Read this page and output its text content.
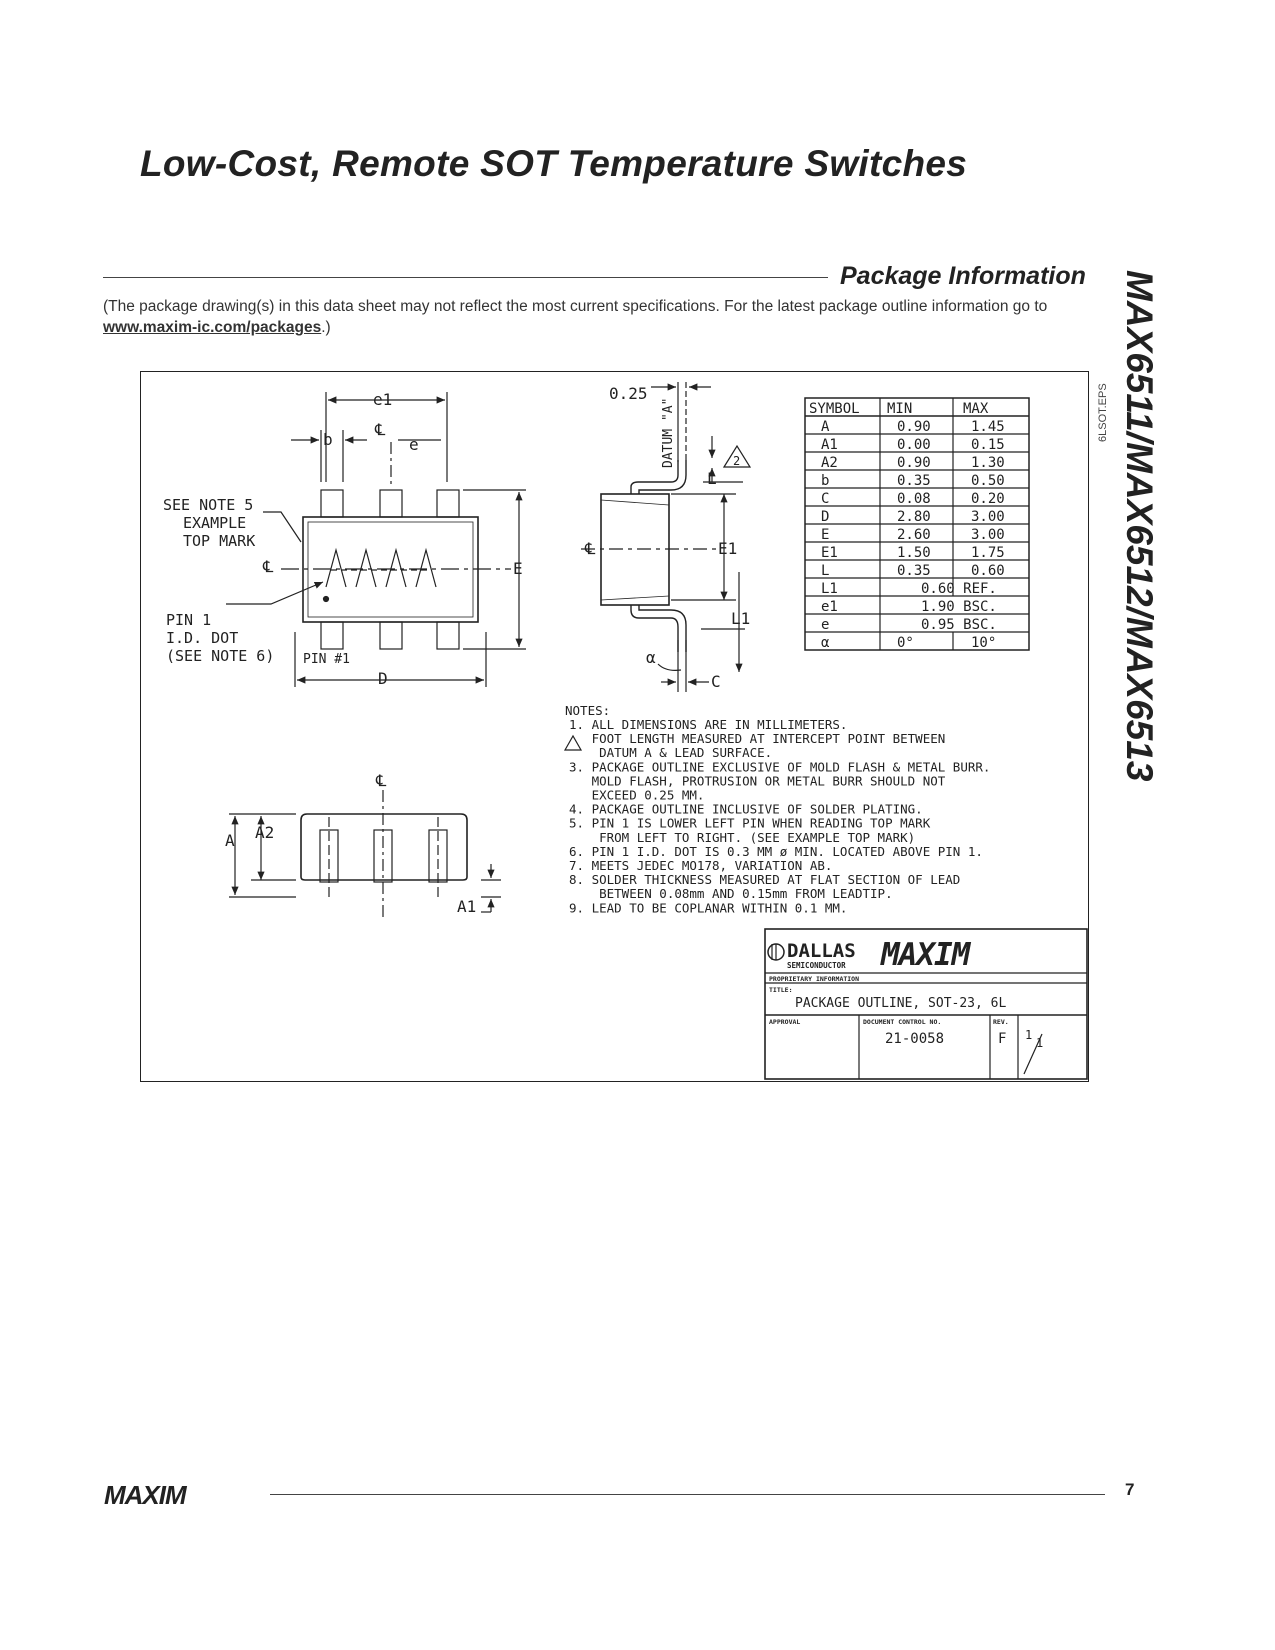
Low-Cost, Remote SOT Temperature Switches
Package Information MAX6511/MAX6512/MAX6513
(The package drawing(s) in this data sheet may not reflect the most current specifications. For the latest package outline information go to www.maxim-ic.com/packages.)
6LSOT.EPS
SEE NOTE 5
EXAMPLE
TOP MARK
PIN 1
I.D. DOT
(SEE NOTE 6) PIN #1
e1
b	e
D
E
℄
℄
0.25
DATUM "A"	2
L
E1
L1
α
C
℄
A A2
A1
℄
SYMBOL MIN	MAX
A	0.90	1.45
A1	0.00	0.15
A2	0.90	1.30
b	0.35	0.50
C	0.08	0.20
D	2.80	3.00
E	2.60	3.00
E1	1.50	1.75
L	0.35	0.60
L1	0.60 REF.
e1	1.90 BSC.
e	0.95 BSC.
α	0°	10°
NOTES:
1. ALL DIMENSIONS ARE IN MILLIMETERS.
FOOT LENGTH MEASURED AT INTERCEPT POINT BETWEEN
DATUM A & LEAD SURFACE.
3. PACKAGE OUTLINE EXCLUSIVE OF MOLD FLASH & METAL BURR.
MOLD FLASH, PROTRUSION OR METAL BURR SHOULD NOT
EXCEED 0.25 MM.
4. PACKAGE OUTLINE INCLUSIVE OF SOLDER PLATING.
5. PIN 1 IS LOWER LEFT PIN WHEN READING TOP MARK
FROM LEFT TO RIGHT. (SEE EXAMPLE TOP MARK)
6. PIN 1 I.D. DOT IS 0.3 MM ø MIN. LOCATED ABOVE PIN 1.
7. MEETS JEDEC MO178, VARIATION AB.
8. SOLDER THICKNESS MEASURED AT FLAT SECTION OF LEAD
BETWEEN 0.08mm AND 0.15mm FROM LEADTIP.
9. LEAD TO BE COPLANAR WITHIN 0.1 MM.
DALLAS
SEMICONDUCTOR MAXIM
PROPRIETARY INFORMATION
TITLE:
PACKAGE OUTLINE, SOT-23, 6L
APPROVAL	DOCUMENT CONTROL NO.
21-0058
REV.
F 1
1
MAXIM	7
